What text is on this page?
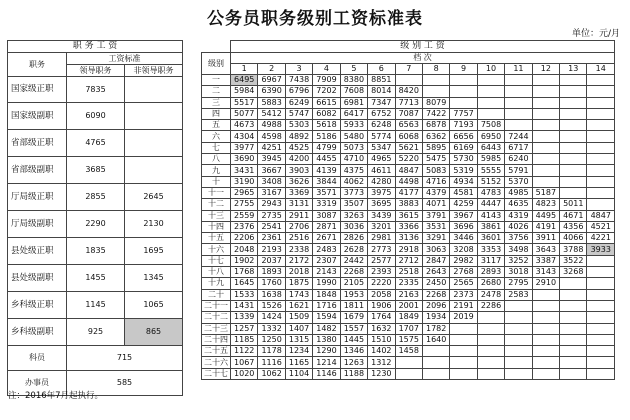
公务员职务级别工资标准表
单位：元/月
职 务 工 资		
职务	工资标准	
	领导职务	非领导职务
国家级正职	7835	
国家级副职	6090	
省部级正职	4765	
省部级副职	3685	
厅局级正职	2855	2645
厅局级副职	2290	2130
县处级正职	1835	1695
县处级副职	1455	1345
乡科级正职	1145	1065
乡科级副职	925	865
科员	715	
办事员	585	
	级 别 工 资													
级别	档 次													
	1	2	3	4	5	6	7	8	9	10	11	12	13	14
一	6495	6967	7438	7909	8380	8851								
二	5984	6390	6796	7202	7608	8014	8420							
三	5517	5883	6249	6615	6981	7347	7713	8079						
四	5077	5412	5747	6082	6417	6752	7087	7422	7757					
五	4673	4988	5303	5618	5933	6248	6563	6878	7193	7508				
六	4304	4598	4892	5186	5480	5774	6068	6362	6656	6950	7244			
七	3977	4251	4525	4799	5073	5347	5621	5895	6169	6443	6717			
八	3690	3945	4200	4455	4710	4965	5220	5475	5730	5985	6240			
九	3431	3667	3903	4139	4375	4611	4847	5083	5319	5555	5791			
十	3190	3408	3626	3844	4062	4280	4498	4716	4934	5152	5370			
十一	2965	3167	3369	3571	3773	3975	4177	4379	4581	4783	4985	5187		
十二	2755	2943	3131	3319	3507	3695	3883	4071	4259	4447	4635	4823	5011	
十三	2559	2735	2911	3087	3263	3439	3615	3791	3967	4143	4319	4495	4671	4847
十四	2376	2541	2706	2871	3036	3201	3366	3531	3696	3861	4026	4191	4356	4521
十五	2206	2361	2516	2671	2826	2981	3136	3291	3446	3601	3756	3911	4066	4221
十六	2048	2193	2338	2483	2628	2773	2918	3063	3208	3353	3498	3643	3788	3933
十七	1902	2037	2172	2307	2442	2577	2712	2847	2982	3117	3252	3387	3522	
十八	1768	1893	2018	2143	2268	2393	2518	2643	2768	2893	3018	3143	3268	
十九	1645	1760	1875	1990	2105	2220	2335	2450	2565	2680	2795	2910		
二十	1533	1638	1743	1848	1953	2058	2163	2268	2373	2478	2583			
二十一	1431	1526	1621	1716	1811	1906	2001	2096	2191	2286				
二十二	1339	1424	1509	1594	1679	1764	1849	1934	2019					
二十三	1257	1332	1407	1482	1557	1632	1707	1782						
二十四	1185	1250	1315	1380	1445	1510	1575	1640						
二十五	1122	1178	1234	1290	1346	1402	1458							
二十六	1067	1116	1165	1214	1263	1312								
二十七	1020	1062	1104	1146	1188	1230								
注：2016年7月起执行。
